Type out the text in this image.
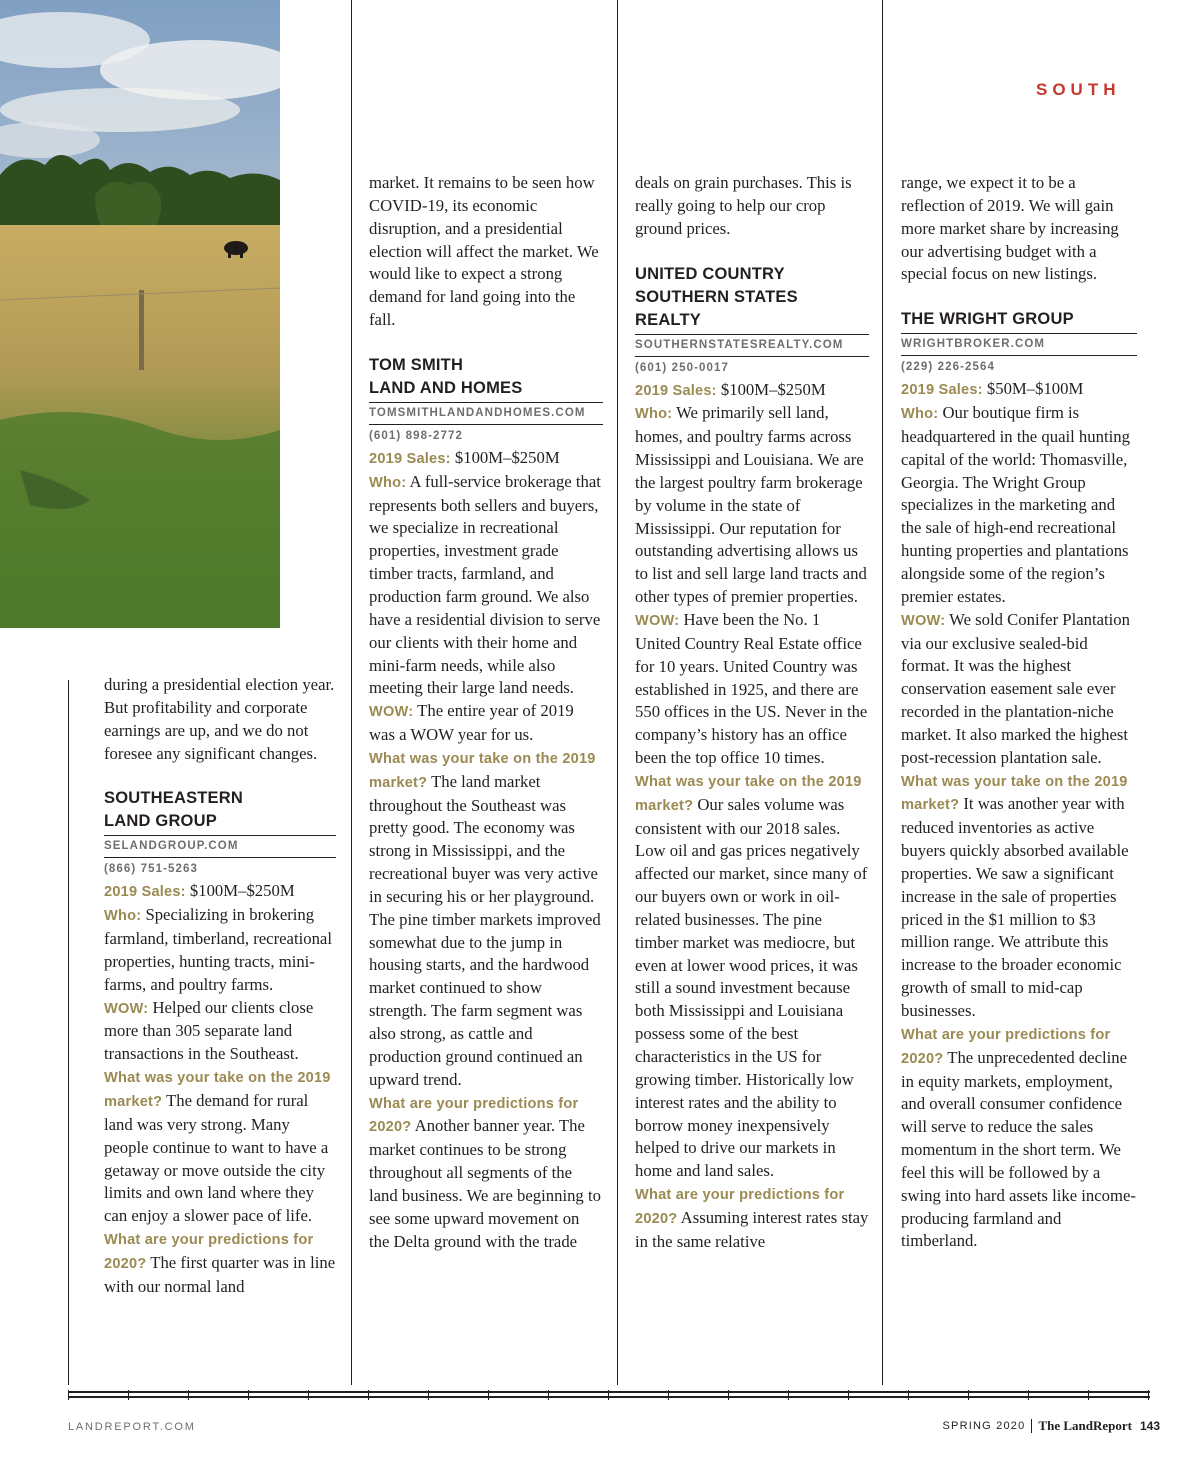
SOUTH

during a presidential election year. But profitability and corporate earnings are up, and we do not foresee any significant changes.

SOUTHEASTERN
LAND GROUP
SELANDGROUP.COM
(866) 751-5263

2019 Sales: $100M–$250M

Who: Specializing in brokering farmland, timberland, recreational properties, hunting tracts, mini-farms, and poultry farms.

WOW: Helped our clients close more than 305 separate land transactions in the Southeast.

What was your take on the 2019 market? The demand for rural land was very strong. Many people continue to want to have a getaway or move outside the city limits and own land where they can enjoy a slower pace of life.

What are your predictions for 2020? The first quarter was in line with our normal land

market. It remains to be seen how COVID-19, its economic disruption, and a presidential election will affect the market. We would like to expect a strong demand for land going into the fall.

TOM SMITH
LAND AND HOMES
TOMSMITHLANDANDHOMES.COM
(601) 898-2772

2019 Sales: $100M–$250M

Who: A full-service brokerage that represents both sellers and buyers, we specialize in recreational properties, investment grade timber tracts, farmland, and production farm ground. We also have a residential division to serve our clients with their home and mini-farm needs, while also meeting their large land needs.

WOW: The entire year of 2019 was a WOW year for us.

What was your take on the 2019 market? The land market throughout the Southeast was pretty good. The economy was strong in Mississippi, and the recreational buyer was very active in securing his or her playground. The pine timber markets improved somewhat due to the jump in housing starts, and the hardwood market continued to show strength. The farm segment was also strong, as cattle and production ground continued an upward trend.

What are your predictions for 2020? Another banner year. The market continues to be strong throughout all segments of the land business. We are beginning to see some upward movement on the Delta ground with the trade

deals on grain purchases. This is really going to help our crop ground prices.

UNITED COUNTRY
SOUTHERN STATES
REALTY
SOUTHERNSTATESREALTY.COM
(601) 250-0017

2019 Sales: $100M–$250M

Who: We primarily sell land, homes, and poultry farms across Mississippi and Louisiana. We are the largest poultry farm brokerage by volume in the state of Mississippi. Our reputation for outstanding advertising allows us to list and sell large land tracts and other types of premier properties.

WOW: Have been the No. 1 United Country Real Estate office for 10 years. United Country was established in 1925, and there are 550 offices in the US. Never in the company’s history has an office been the top office 10 times.

What was your take on the 2019 market? Our sales volume was consistent with our 2018 sales. Low oil and gas prices negatively affected our market, since many of our buyers own or work in oil-related businesses. The pine timber market was mediocre, but even at lower wood prices, it was still a sound investment because both Mississippi and Louisiana possess some of the best characteristics in the US for growing timber. Historically low interest rates and the ability to borrow money inexpensively helped to drive our markets in home and land sales.

What are your predictions for 2020? Assuming interest rates stay in the same relative

range, we expect it to be a reflection of 2019. We will gain more market share by increasing our advertising budget with a special focus on new listings.

THE WRIGHT GROUP
WRIGHTBROKER.COM
(229) 226-2564

2019 Sales: $50M–$100M

Who: Our boutique firm is headquartered in the quail hunting capital of the world: Thomasville, Georgia. The Wright Group specializes in the marketing and the sale of high-end recreational hunting properties and plantations alongside some of the region’s premier estates.

WOW: We sold Conifer Plantation via our exclusive sealed-bid format. It was the highest conservation easement sale ever recorded in the plantation-niche market. It also marked the highest post-recession plantation sale.

What was your take on the 2019 market? It was another year with reduced inventories as active buyers quickly absorbed available properties. We saw a significant increase in the sale of properties priced in the $1 million to $3 million range. We attribute this increase to the broader economic growth of small to mid-cap businesses.

What are your predictions for 2020? The unprecedented decline in equity markets, employment, and overall consumer confidence will serve to reduce the sales momentum in the short term. We feel this will be followed by a swing into hard assets like income-producing farmland and timberland.

LANDREPORT.COM	SPRING 2020 The LandReport 143
